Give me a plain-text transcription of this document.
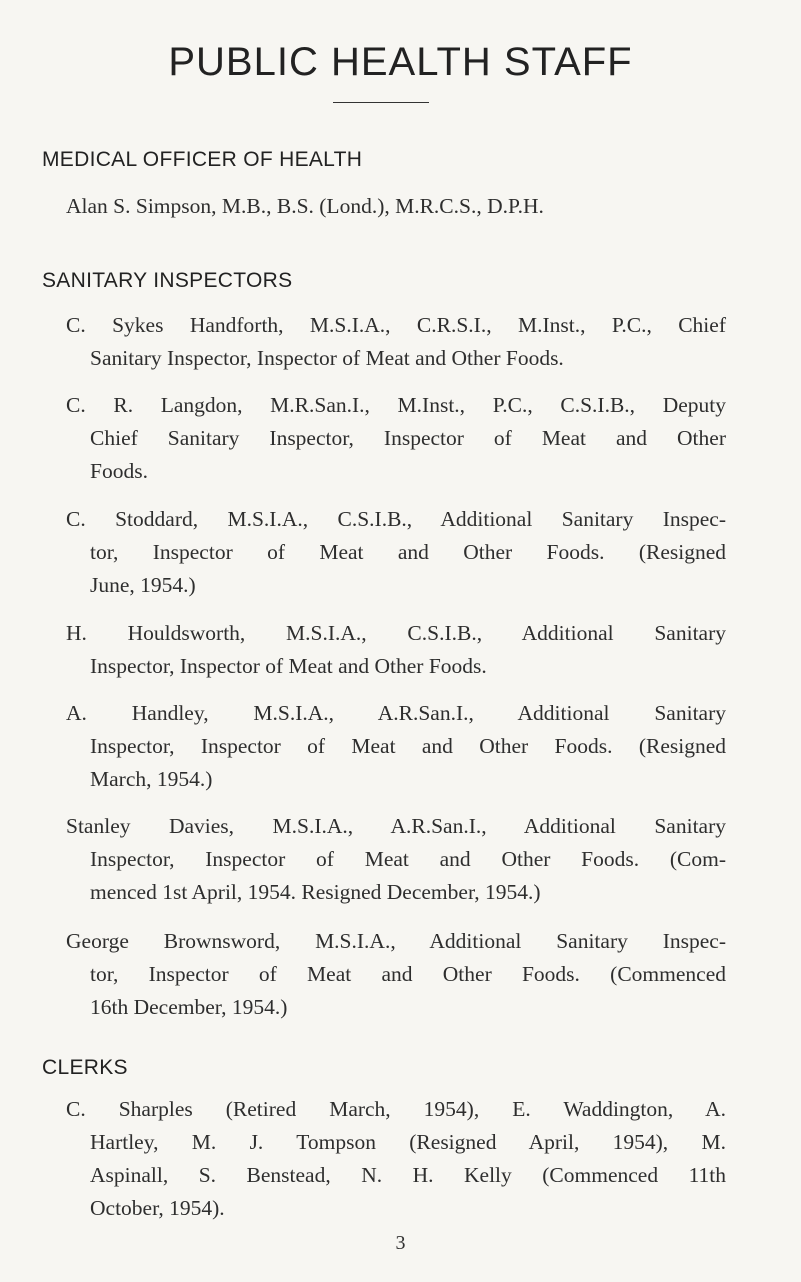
PUBLIC HEALTH STAFF
MEDICAL OFFICER OF HEALTH
Alan S. Simpson, M.B., B.S. (Lond.), M.R.C.S., D.P.H.
SANITARY INSPECTORS
C. Sykes Handforth, M.S.I.A., C.R.S.I., M.Inst., P.C., Chief
Sanitary Inspector, Inspector of Meat and Other Foods.
C. R. Langdon, M.R.San.I., M.Inst., P.C., C.S.I.B., Deputy
Chief Sanitary Inspector, Inspector of Meat and Other
Foods.
C. Stoddard, M.S.I.A., C.S.I.B., Additional Sanitary Inspec-
tor, Inspector of Meat and Other Foods. (Resigned
June, 1954.)
H. Houldsworth, M.S.I.A., C.S.I.B., Additional Sanitary
Inspector, Inspector of Meat and Other Foods.
A. Handley, M.S.I.A., A.R.San.I., Additional Sanitary
Inspector, Inspector of Meat and Other Foods. (Resigned
March, 1954.)
Stanley Davies, M.S.I.A., A.R.San.I., Additional Sanitary
Inspector, Inspector of Meat and Other Foods. (Com-
menced 1st April, 1954. Resigned December, 1954.)
George Brownsword, M.S.I.A., Additional Sanitary Inspec-
tor, Inspector of Meat and Other Foods. (Commenced
16th December, 1954.)
CLERKS
C. Sharples (Retired March, 1954), E. Waddington, A.
Hartley, M. J. Tompson (Resigned April, 1954), M.
Aspinall, S. Benstead, N. H. Kelly (Commenced 11th
October, 1954).
3
